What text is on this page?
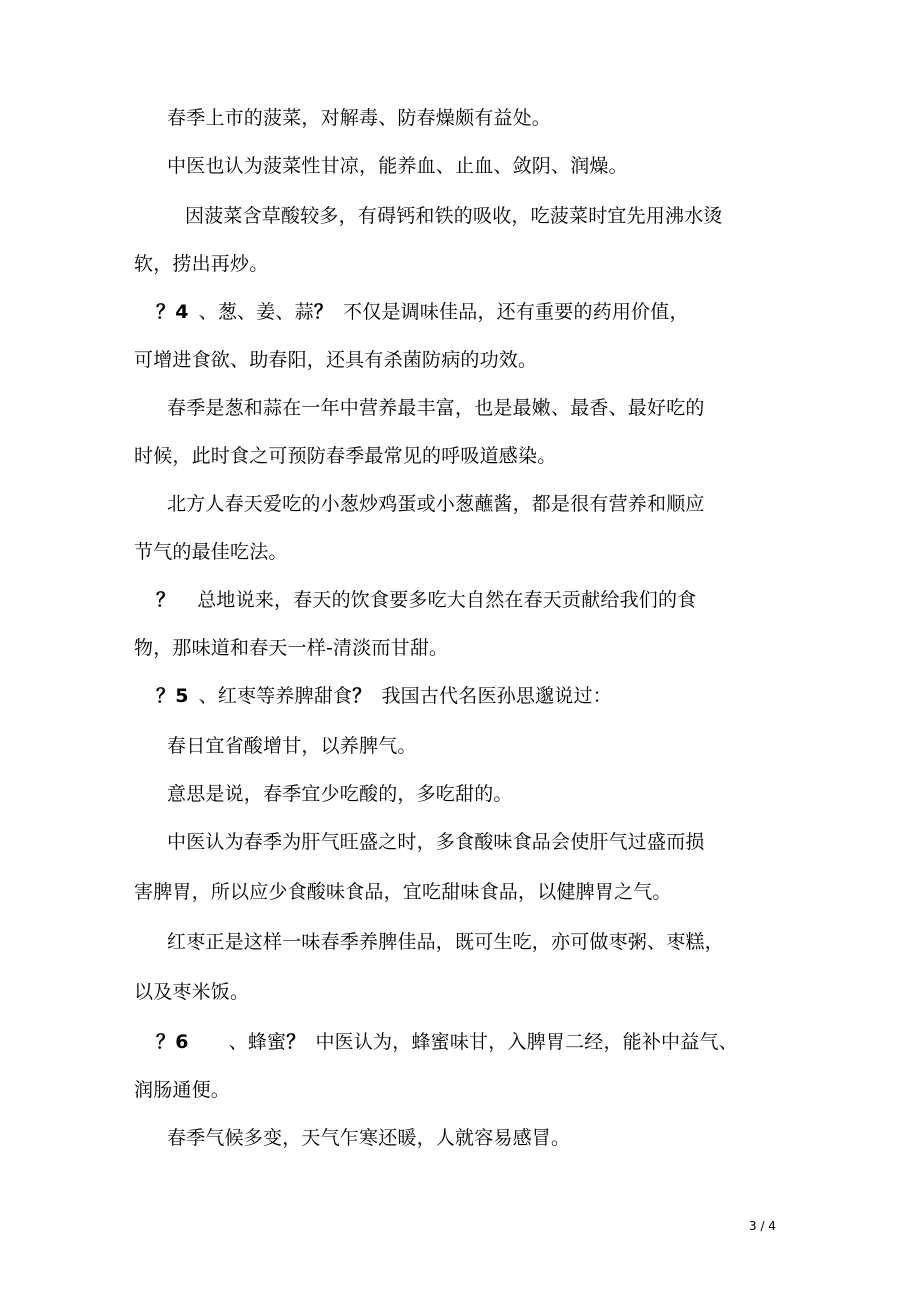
春季上市的菠菜，对解毒、防春燥颇有益处。
中医也认为菠菜性甘凉，能养血、止血、敛阴、润燥。
因菠菜含草酸较多，有碍钙和铁的吸收，吃菠菜时宜先用沸水烫
软，捞出再炒。
？4 、葱、姜、蒜？ 不仅是调味佳品，还有重要的药用价值，
可增进食欲、助春阳，还具有杀菌防病的功效。
春季是葱和蒜在一年中营养最丰富，也是最嫩、最香、最好吃的
时候，此时食之可预防春季最常见的呼吸道感染。
北方人春天爱吃的小葱炒鸡蛋或小葱蘸酱，都是很有营养和顺应
节气的最佳吃法。
？ 总地说来，春天的饮食要多吃大自然在春天贡献给我们的食
物，那味道和春天一样-清淡而甘甜。
？5 、红枣等养脾甜食？ 我国古代名医孙思邈说过：
春日宜省酸增甘，以养脾气。
意思是说，春季宜少吃酸的，多吃甜的。
中医认为春季为肝气旺盛之时，多食酸味食品会使肝气过盛而损
害脾胃，所以应少食酸味食品，宜吃甜味食品，以健脾胃之气。
红枣正是这样一味春季养脾佳品，既可生吃，亦可做枣粥、枣糕，
以及枣米饭。
？6 、蜂蜜？ 中医认为，蜂蜜味甘，入脾胃二经，能补中益气、
润肠通便。
春季气候多变，天气乍寒还暖，人就容易感冒。
3 / 4
